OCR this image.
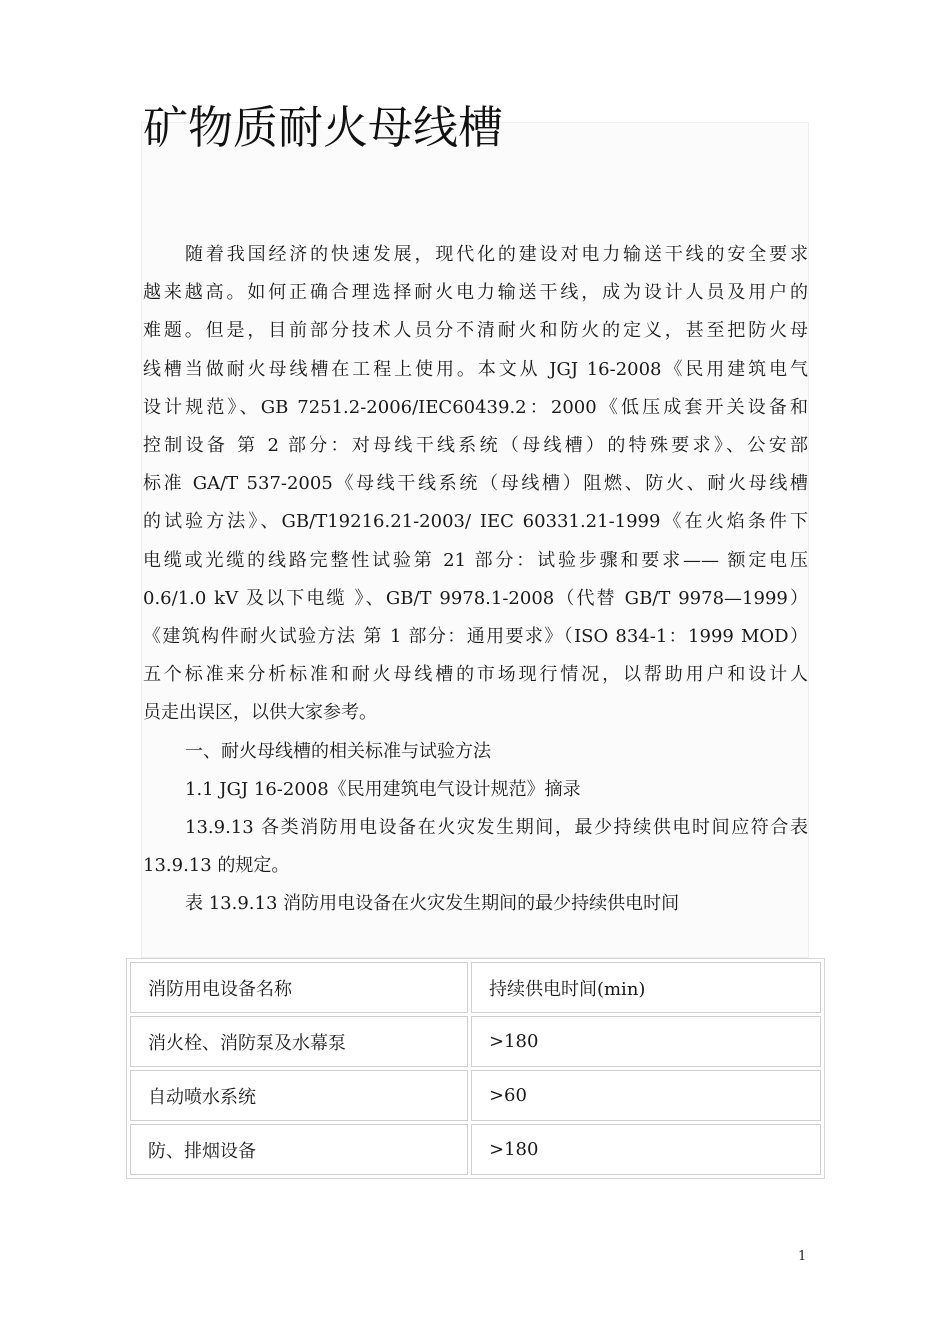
矿物质耐火母线槽

随着我国经济的快速发展，现代化的建设对电力输送干线的安全要求
越来越高。如何正确合理选择耐火电力输送干线，成为设计人员及用户的
难题。但是，目前部分技术人员分不清耐火和防火的定义，甚至把防火母
线槽当做耐火母线槽在工程上使用。本文从 JGJ 16-2008《民用建筑电气
设计规范》、GB 7251.2-2006/IEC60439.2：2000《低压成套开关设备和
控制设备 第 2 部分：对母线干线系统（母线槽）的特殊要求》、公安部
标准 GA/T 537-2005《母线干线系统（母线槽）阻燃、防火、耐火母线槽
的试验方法》、GB/T19216.21-2003/ IEC 60331.21-1999《在火焰条件下
电缆或光缆的线路完整性试验第 21 部分：试验步骤和要求—— 额定电压
0.6/1.0 kV 及以下电缆 》、GB/T 9978.1-2008（代替 GB/T 9978—1999）
《建筑构件耐火试验方法 第 1 部分：通用要求》（ISO 834-1：1999 MOD）
五个标准来分析标准和耐火母线槽的市场现行情况，以帮助用户和设计人
员走出误区，以供大家参考。

一、耐火母线槽的相关标准与试验方法

1.1 JGJ 16-2008《民用建筑电气设计规范》摘录

13.9.13 各类消防用电设备在火灾发生期间，最少持续供电时间应符合表 13.9.13 的规定。

表 13.9.13 消防用电设备在火灾发生期间的最少持续供电时间

消防用电设备名称	持续供电时间(min)
消火栓、消防泵及水幕泵	>180
自动喷水系统	>60
防、排烟设备	>180
1
